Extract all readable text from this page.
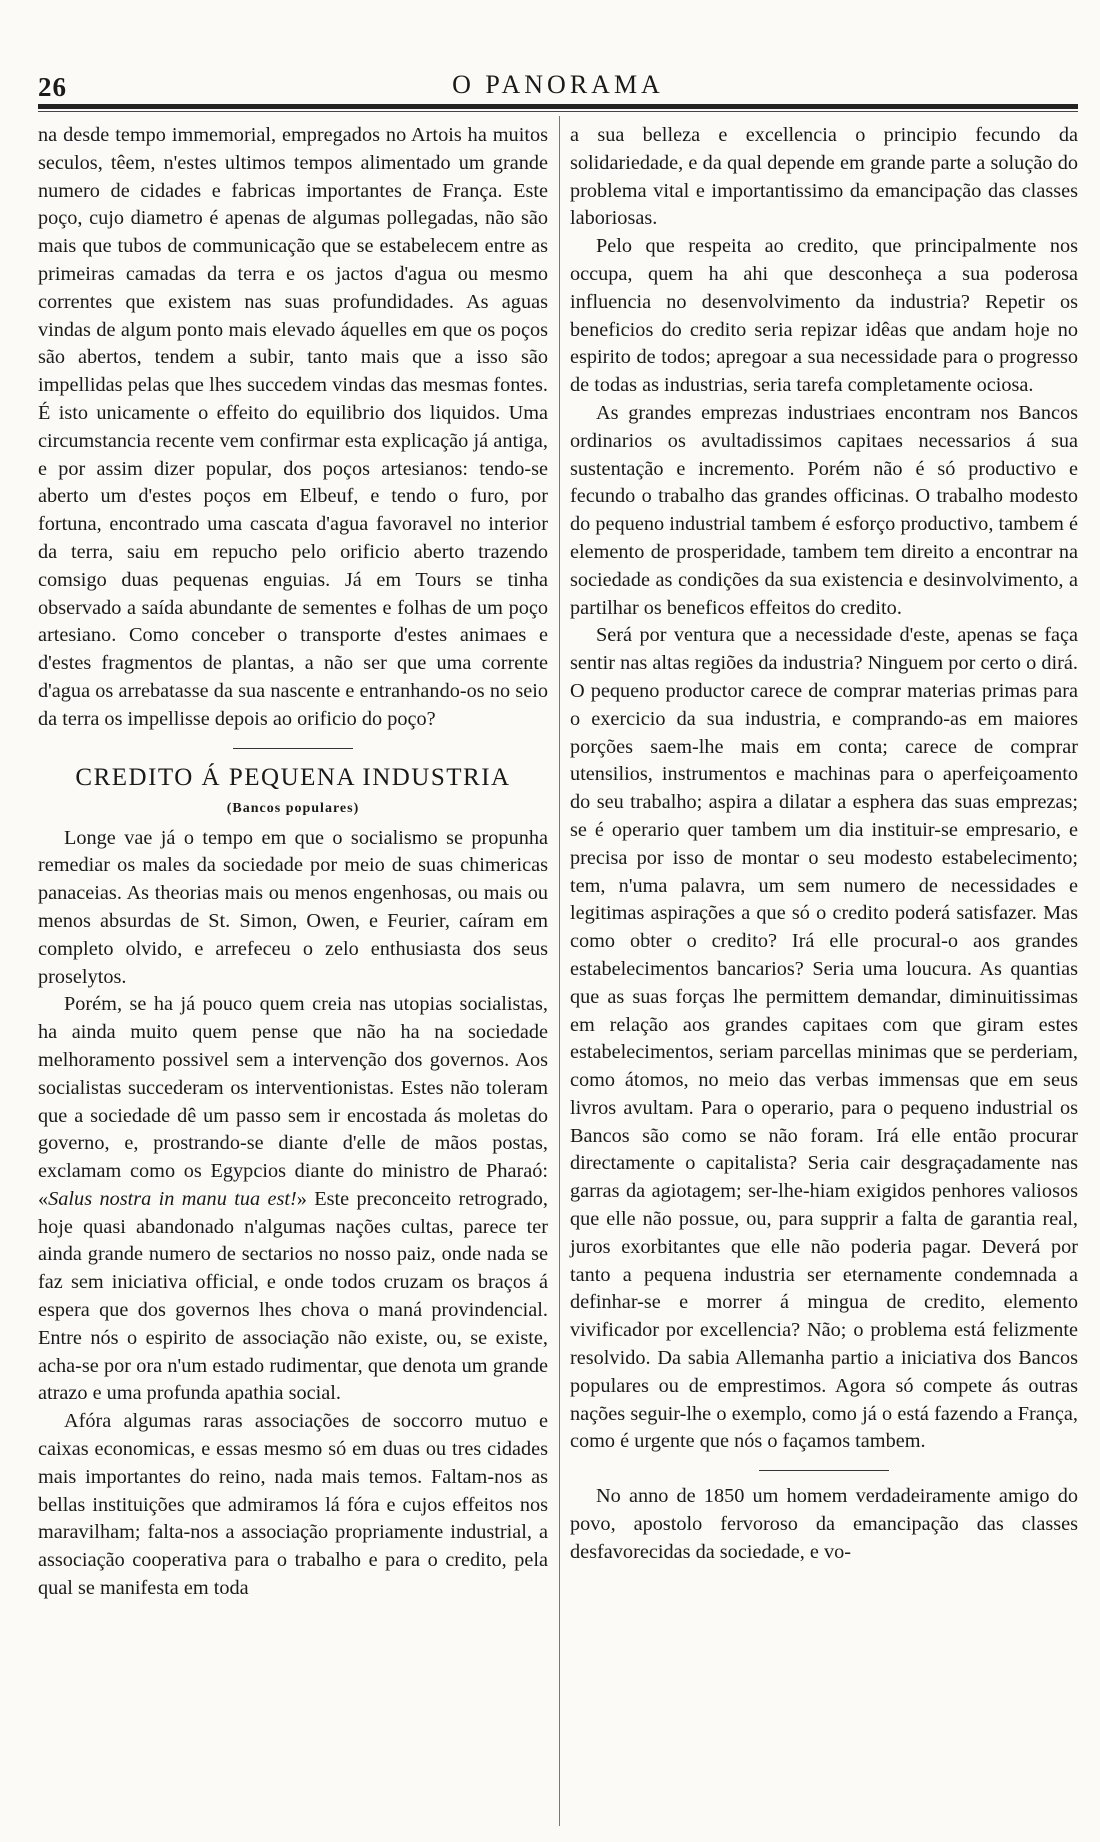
26	O PANORAMA

na desde tempo immemorial, empregados no Artois ha muitos seculos, têem, n'estes ultimos tempos alimentado um grande numero de cidades e fabricas importantes de França. Este poço, cujo diametro é apenas de algumas pollegadas, não são mais que tubos de communicação que se estabelecem entre as primeiras camadas da terra e os jactos d'agua ou mesmo correntes que existem nas suas profundidades. As aguas vindas de algum ponto mais elevado áquelles em que os poços são abertos, tendem a subir, tanto mais que a isso são impellidas pelas que lhes succedem vindas das mesmas fontes. É isto unicamente o effeito do equilibrio dos liquidos. Uma circumstancia recente vem confirmar esta explicação já antiga, e por assim dizer popular, dos poços artesianos: tendo-se aberto um d'estes poços em Elbeuf, e tendo o furo, por fortuna, encontrado uma cascata d'agua favoravel no interior da terra, saiu em repucho pelo orificio aberto trazendo comsigo duas pequenas enguias. Já em Tours se tinha observado a saída abundante de sementes e folhas de um poço artesiano. Como conceber o transporte d'estes animaes e d'estes fragmentos de plantas, a não ser que uma corrente d'agua os arrebatasse da sua nascente e entranhando-os no seio da terra os impellisse depois ao orificio do poço?

CREDITO Á PEQUENA INDUSTRIA
(Bancos populares)

Longe vae já o tempo em que o socialismo se propunha remediar os males da sociedade por meio de suas chimericas panaceias. As theorias mais ou menos engenhosas, ou mais ou menos absurdas de St. Simon, Owen, e Feurier, caíram em completo olvido, e arrefeceu o zelo enthusiasta dos seus proselytos.

Porém, se ha já pouco quem creia nas utopias socialistas, ha ainda muito quem pense que não ha na sociedade melhoramento possivel sem a intervenção dos governos. Aos socialistas succederam os interventionistas. Estes não toleram que a sociedade dê um passo sem ir encostada ás moletas do governo, e, prostrando-se diante d'elle de mãos postas, exclamam como os Egypcios diante do ministro de Pharaó: «Salus nostra in manu tua est!» Este preconceito retrogrado, hoje quasi abandonado n'algumas nações cultas, parece ter ainda grande numero de sectarios no nosso paiz, onde nada se faz sem iniciativa official, e onde todos cruzam os braços á espera que dos governos lhes chova o maná provindencial. Entre nós o espirito de associação não existe, ou, se existe, acha-se por ora n'um estado rudimentar, que denota um grande atrazo e uma profunda apathia social.

Afóra algumas raras associações de soccorro mutuo e caixas economicas, e essas mesmo só em duas ou tres cidades mais importantes do reino, nada mais temos. Faltam-nos as bellas instituições que admiramos lá fóra e cujos effeitos nos maravilham; falta-nos a associação propriamente industrial, a associação cooperativa para o trabalho e para o credito, pela qual se manifesta em toda

a sua belleza e excellencia o principio fecundo da solidariedade, e da qual depende em grande parte a solução do problema vital e importantissimo da emancipação das classes laboriosas.

Pelo que respeita ao credito, que principalmente nos occupa, quem ha ahi que desconheça a sua poderosa influencia no desenvolvimento da industria? Repetir os beneficios do credito seria repizar idêas que andam hoje no espirito de todos; apregoar a sua necessidade para o progresso de todas as industrias, seria tarefa completamente ociosa.

As grandes emprezas industriaes encontram nos Bancos ordinarios os avultadissimos capitaes necessarios á sua sustentação e incremento. Porém não é só productivo e fecundo o trabalho das grandes officinas. O trabalho modesto do pequeno industrial tambem é esforço productivo, tambem é elemento de prosperidade, tambem tem direito a encontrar na sociedade as condições da sua existencia e desinvolvimento, a partilhar os beneficos effeitos do credito.

Será por ventura que a necessidade d'este, apenas se faça sentir nas altas regiões da industria? Ninguem por certo o dirá. O pequeno productor carece de comprar materias primas para o exercicio da sua industria, e comprando-as em maiores porções saem-lhe mais em conta; carece de comprar utensilios, instrumentos e machinas para o aperfeiçoamento do seu trabalho; aspira a dilatar a esphera das suas emprezas; se é operario quer tambem um dia instituir-se empresario, e precisa por isso de montar o seu modesto estabelecimento; tem, n'uma palavra, um sem numero de necessidades e legitimas aspirações a que só o credito poderá satisfazer. Mas como obter o credito? Irá elle procural-o aos grandes estabelecimentos bancarios? Seria uma loucura. As quantias que as suas forças lhe permittem demandar, diminuitissimas em relação aos grandes capitaes com que giram estes estabelecimentos, seriam parcellas minimas que se perderiam, como átomos, no meio das verbas immensas que em seus livros avultam. Para o operario, para o pequeno industrial os Bancos são como se não foram. Irá elle então procurar directamente o capitalista? Seria cair desgraçadamente nas garras da agiotagem; ser-lhe-hiam exigidos penhores valiosos que elle não possue, ou, para supprir a falta de garantia real, juros exorbitantes que elle não poderia pagar. Deverá por tanto a pequena industria ser eternamente condemnada a definhar-se e morrer á mingua de credito, elemento vivificador por excellencia? Não; o problema está felizmente resolvido. Da sabia Allemanha partio a iniciativa dos Bancos populares ou de emprestimos. Agora só compete ás outras nações seguir-lhe o exemplo, como já o está fazendo a França, como é urgente que nós o façamos tambem.

No anno de 1850 um homem verdadeiramente amigo do povo, apostolo fervoroso da emancipação das classes desfavorecidas da sociedade, e vo-
